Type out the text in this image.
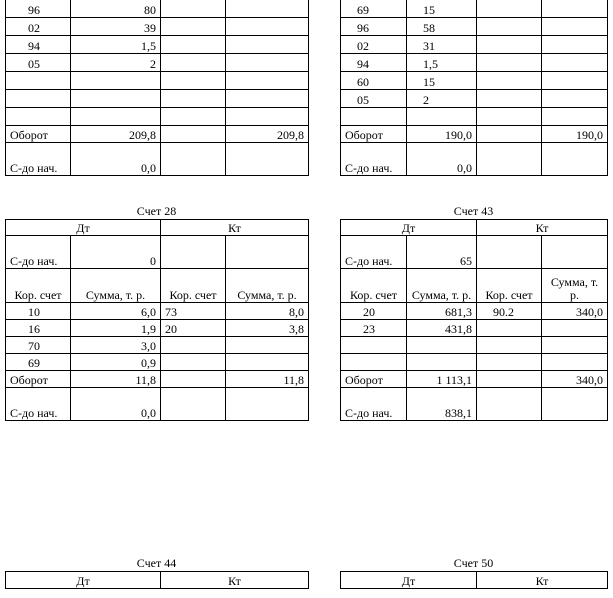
96	80		
02	39		
94	1,5		
05	2		

Оборот	209,8		209,8
С-до нач.	0,0		
69	15		
96	58		
02	31		
94	1,5		
60	15		
05	2		

Оборот	190,0		190,0
С-до нач.	0,0		
Счет 28
Дт		Кт	
С-до нач.	0		
Кор. счет	Сумма, т. р.	Кор. счет	Сумма, т. р.
10	6,0	73	8,0
16	1,9	20	3,8
70	3,0		
69	0,9		
Оборот	11,8		11,8
С-до нач.	0,0		
Счет 43
Дт		Кт	
С-до нач.	65		
Кор. счет	Сумма, т. р.	Кор. счет	Сумма, т. р.
20	681,3	90.2	340,0
23	431,8		

Оборот	1 113,1		340,0
С-до нач.	838,1		
Счет 44
Дт	Кт
Счет 50
Дт	Кт
